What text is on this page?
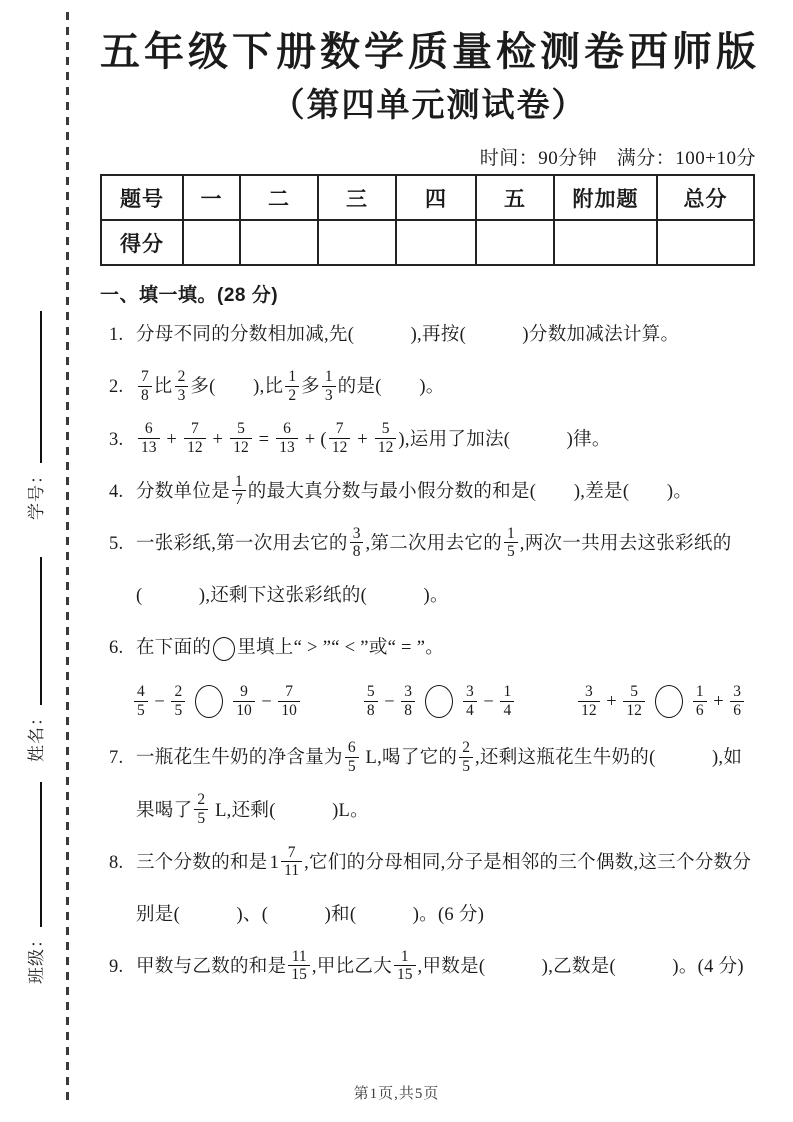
学号：
姓名：
班级：
五年级下册数学质量检测卷西师版
（第四单元测试卷）
时间：90分钟　满分：100+10分
题号	一	二	三	四	五	附加题	总分
得分							
一、填一填。(28 分)
1. 分母不同的分数相加减,先(　　　),再按(　　　)分数加减法计算。
2. $\frac{7}{8}$ 比 $\frac{2}{3}$ 多(　　),比 $\frac{1}{2}$ 多 $\frac{1}{3}$ 的是(　　)。
3. $\frac{6}{13} + \frac{7}{12} + \frac{5}{12} = \frac{6}{13}$ + ( $\frac{7}{12} + \frac{5}{12}$ ),运用了加法(　　　)律。
4. 分数单位是 $\frac{1}{7}$ 的最大真分数与最小假分数的和是(　　),差是(　　)。
5. 一张彩纸,第一次用去它的 $\frac{3}{8}$ ,第二次用去它的 $\frac{1}{5}$ ,两次一共用去这张彩纸的(　　　),还剩下这张彩纸的(　　　)。
6. 在下面的 里填上“ > ”“ < ”或“ = ”。
$\frac{4}{5} - \frac{2}{5}$	$\frac{9}{10} - \frac{7}{10}$	$\frac{5}{8} - \frac{3}{8}$	$\frac{3}{4} - \frac{1}{4}$	$\frac{3}{12} + \frac{5}{12}$	$\frac{1}{6} + \frac{3}{6}$
7. 一瓶花生牛奶的净含量为 $\frac{6}{5} L$,喝了它的 $\frac{2}{5}$ ,还剩这瓶花生牛奶的(　　　),如果喝了 $\frac{2}{5} L$,还剩(　　　)L。
8. 三个分数的和是 $1 \frac{7}{11}$ ,它们的分母相同,分子是相邻的三个偶数,这三个分数分别是(　　　)、(　　　)和(　　　)。(6 分)
9. 甲数与乙数的和是 $\frac{11}{15}$ ,甲比乙大 $\frac{1}{15}$ ,甲数是(　　　),乙数是(　　　)。(4 分)
第1页,共5页
